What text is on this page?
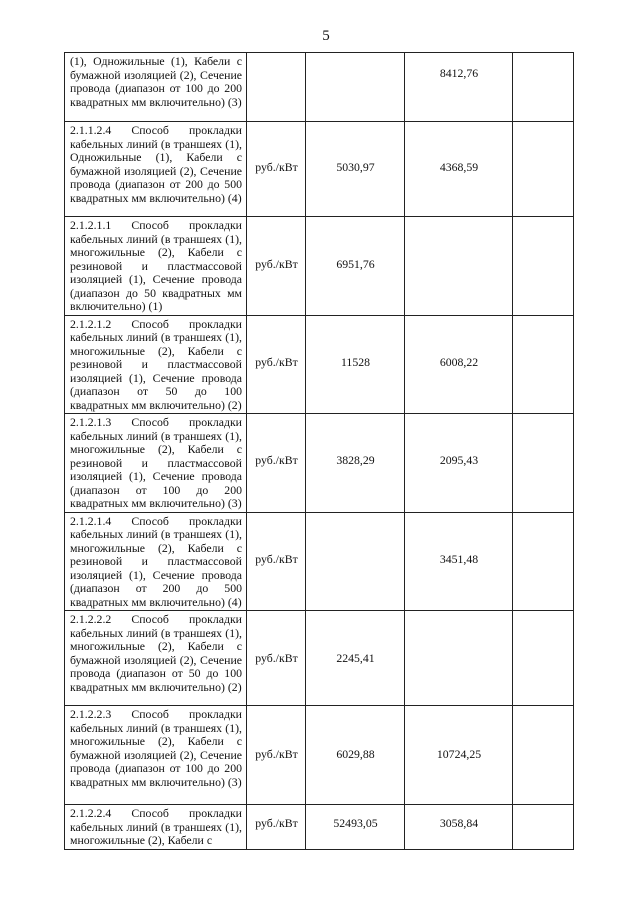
5
(1), Одножильные (1), Кабели с бумажной изоляцией (2), Сечение провода (диапазон от 100 до 200 квадратных мм включительно) (3)			8412,76	

2.1.1.2.4 Способ прокладки кабельных линий (в траншеях (1), Одножильные (1), Кабели с бумажной изоляцией (2), Сечение провода (диапазон от 200 до 500 квадратных мм включительно) (4)	руб./кВт	5030,97	4368,59	

2.1.2.1.1 Способ прокладки кабельных линий (в траншеях (1), многожильные (2), Кабели с резиновой и пластмассовой изоляцией (1), Сечение провода (диапазон до 50 квадратных мм включительно) (1)	руб./кВт	6951,76		

2.1.2.1.2 Способ прокладки кабельных линий (в траншеях (1), многожильные (2), Кабели с резиновой и пластмассовой изоляцией (1), Сечение провода (диапазон от 50 до 100 квадратных мм включительно) (2)	руб./кВт	11528	6008,22	

2.1.2.1.3 Способ прокладки кабельных линий (в траншеях (1), многожильные (2), Кабели с резиновой и пластмассовой изоляцией (1), Сечение провода (диапазон от 100 до 200 квадратных мм включительно) (3)	руб./кВт	3828,29	2095,43	

2.1.2.1.4 Способ прокладки кабельных линий (в траншеях (1), многожильные (2), Кабели с резиновой и пластмассовой изоляцией (1), Сечение провода (диапазон от 200 до 500 квадратных мм включительно) (4)	руб./кВт		3451,48	

2.1.2.2.2 Способ прокладки кабельных линий (в траншеях (1), многожильные (2), Кабели с бумажной изоляцией (2), Сечение провода (диапазон от 50 до 100 квадратных мм включительно) (2)	руб./кВт	2245,41		

2.1.2.2.3 Способ прокладки кабельных линий (в траншеях (1), многожильные (2), Кабели с бумажной изоляцией (2), Сечение провода (диапазон от 100 до 200 квадратных мм включительно) (3)	руб./кВт	6029,88	10724,25	

2.1.2.2.4 Способ прокладки кабельных линий (в траншеях (1), многожильные (2), Кабели с	руб./кВт	52493,05	3058,84	
